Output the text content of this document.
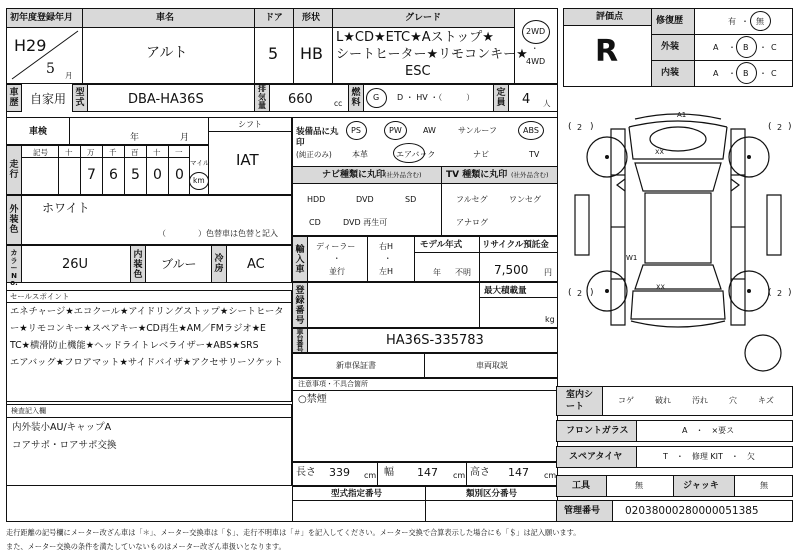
初年度登録年月	車名	ドア 形状	グレード
H29
5 月
アルト	5 HB
L★CD★ETC★Aストップ★
シートヒーター★リモコンキー★
ESC
2WD
・
4WD
車歴 自家用 型式	DBA-HA36S
排気量 660	cc
燃料
G D ・ HV ・（　　　） 定員 4 人
車検
年	月
シフト
IAT
走行
記号 十 万 千 百 十 一
7 6 5 0 0
マイル
km
装備品に丸印
(純正のみ)
PS	PW	AW	サンルーフ	ABS
本革	エアバック	ナビ	TV
ナビ種類に丸印
(社外品含む)
HDD	DVD	SD
CD	DVD 再生可
TV 種類に丸印 (社外品含む)
フルセグ	ワンセグ
アナログ
外装色
ホワイト
（　　　　）色替車は色替と記入
カラーNo.
26U
内装色
ブルー 冷房 AC
輸入車
ディーラー
・
並行
右H
・
左H
モデル年式
年 不明
リサイクル預託金
7,500 円
セールスポイント
エネチャージ★エコクール★アイドリングストップ★シートヒータ
ー★リモコンキー★スペアキー★CD再生★AM／FMラジオ★E
TC★横滑防止機能★ヘッドライトレベライザー★ABS★SRS
エアバッグ★フロアマット★サイドバイザ★アクセサリーソケット
登録番号
最大積載量
kg
車台番号
HA36S-335783
新車保証書	車両取説
注意事項・不具合箇所
○禁煙
検査記入欄
内外装小AU/キャップA
コアサポ・ロアサポ交換
長さ 339 cm 幅 147 cm 高さ 147 cm
型式指定番号	類別区分番号
評価点
R
修復歴	有 ・ 無
外装	A ・ B ・ C
内装	A ・ B ・ C
A1
XX
W1
XX
( 2 )	( 2 )
( 2 )	( 2 )
室内シート
コゲ	破れ	汚れ	穴	キズ
フロントガラス	A　・　×要ス
スペアタイヤ	T　・　修理 KIT　・　欠
工具	無	ジャッキ	無
管理番号 02038000280000051385
走行距離の記号欄にメーター改ざん車は「＊」、メーター交換車は「＄」、走行不明車は「＃」を記入してください。メーター交換で合算表示した場合にも「＄」は記入願います。
また、メーター交換の条件を満たしていないものはメーター改ざん車扱いとなります。
